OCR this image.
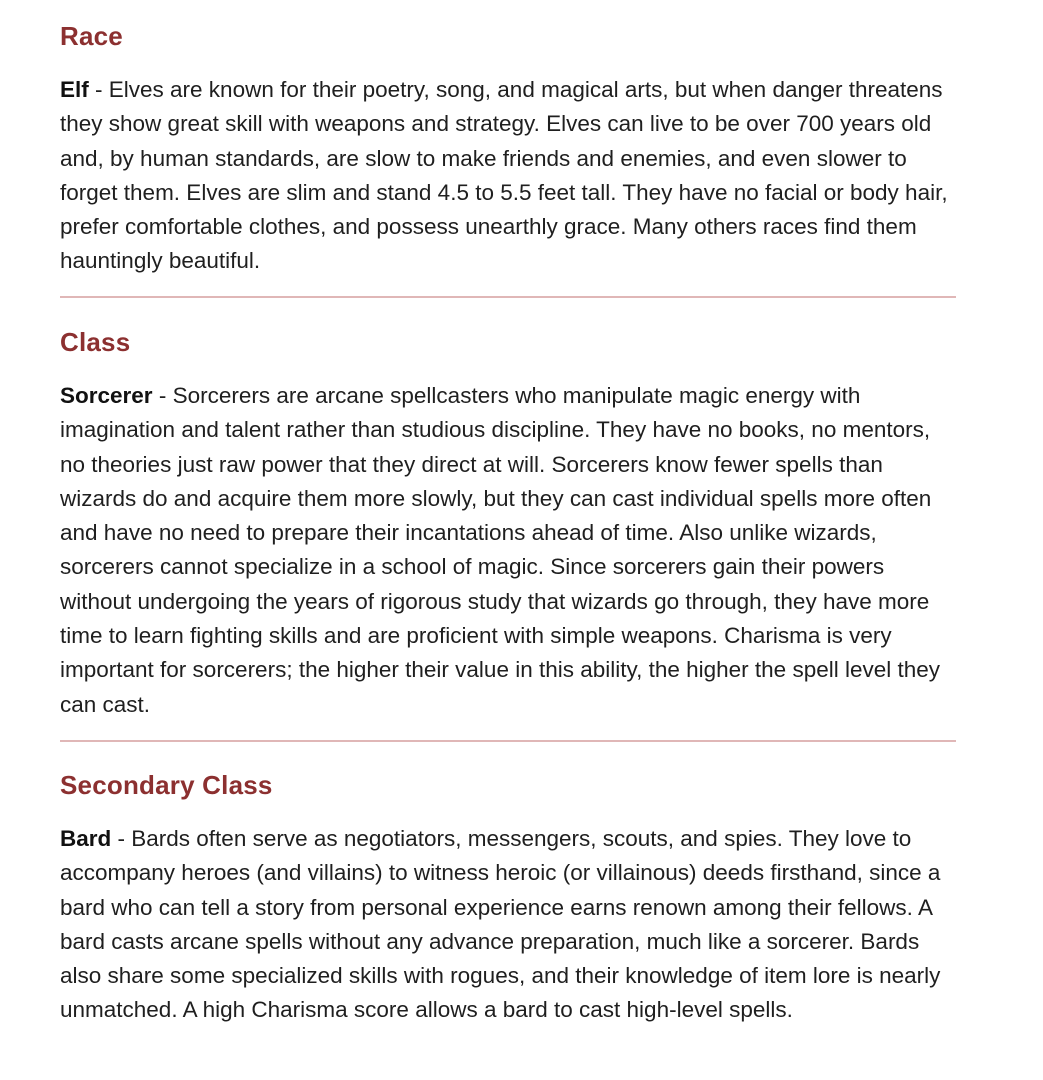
Race

Elf - Elves are known for their poetry, song, and magical arts, but when danger threatens they show great skill with weapons and strategy. Elves can live to be over 700 years old and, by human standards, are slow to make friends and enemies, and even slower to forget them. Elves are slim and stand 4.5 to 5.5 feet tall. They have no facial or body hair, prefer comfortable clothes, and possess unearthly grace. Many others races find them hauntingly beautiful.

Class

Sorcerer - Sorcerers are arcane spellcasters who manipulate magic energy with imagination and talent rather than studious discipline. They have no books, no mentors, no theories just raw power that they direct at will. Sorcerers know fewer spells than wizards do and acquire them more slowly, but they can cast individual spells more often and have no need to prepare their incantations ahead of time. Also unlike wizards, sorcerers cannot specialize in a school of magic. Since sorcerers gain their powers without undergoing the years of rigorous study that wizards go through, they have more time to learn fighting skills and are proficient with simple weapons. Charisma is very important for sorcerers; the higher their value in this ability, the higher the spell level they can cast.

Secondary Class

Bard - Bards often serve as negotiators, messengers, scouts, and spies. They love to accompany heroes (and villains) to witness heroic (or villainous) deeds firsthand, since a bard who can tell a story from personal experience earns renown among their fellows. A bard casts arcane spells without any advance preparation, much like a sorcerer. Bards also share some specialized skills with rogues, and their knowledge of item lore is nearly unmatched. A high Charisma score allows a bard to cast high-level spells.
